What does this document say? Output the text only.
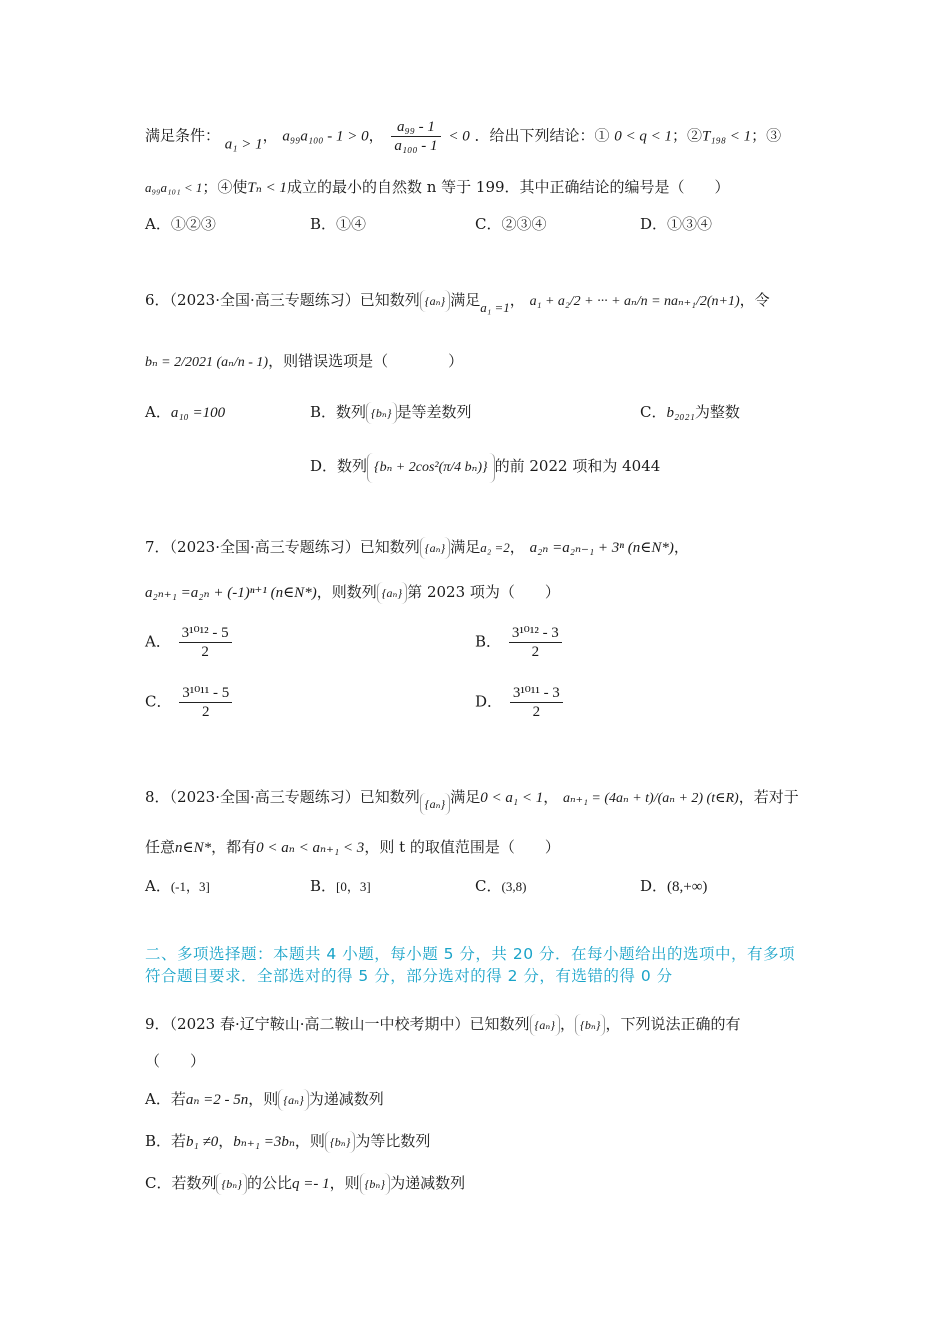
满足条件： a₁ > 1， a₉₉a₁₀₀ - 1 > 0， $\frac{\text{a₉₉ - 1}}{\text{a₁₀₀ - 1}} < 0$ ．给出下列结论：① 0 < q < 1；②T₁₉₈ < 1；③
a₉₉a₁₀₁ < 1；④使Tₙ < 1成立的最小的自然数 n 等于 199．其中正确结论的编号是（　　）
A．①②③	B．①④	C．②③④	D．①③④
6．（2023·全国·高三专题练习）已知数列 {aₙ} 满足a₁ =1， a₁ + a₂/2 + ··· + aₙ/n = naₙ₊₁/2(n+1)，令
bₙ = 2/2021 (aₙ/n - 1)，则错误选项是（　　　　）
A．a₁₀ =100	B．数列 {bₙ} 是等差数列	C．b₂₀₂₁为整数
D．数列 {bₙ + 2cos²(π/4 bₙ)} 的前 2022 项和为 4044
7．（2023·全国·高三专题练习）已知数列 {aₙ} 满足a₂ =2， a₂ₙ =a₂ₙ₋₁ + 3ⁿ (n∈N*)，
a₂ₙ₊₁ =a₂ₙ + (-1)ⁿ⁺¹ (n∈N*)，则数列 {aₙ} 第 2023 项为（　　）
A． $\frac{\text{3¹⁰¹² - 5}}{2}$	B． $\frac{\text{3¹⁰¹² - 3}}{2}$
C． $\frac{\text{3¹⁰¹¹ - 5}}{2}$	D． $\frac{\text{3¹⁰¹¹ - 3}}{2}$
8．（2023·全国·高三专题练习）已知数列 {aₙ} 满足0 < a₁ < 1， aₙ₊₁ = (4aₙ + t)/(aₙ + 2) (t∈R)，若对于
任意n∈N*，都有0 < aₙ < aₙ₊₁ < 3，则 t 的取值范围是（　　）
A．(-1，3]	B．[0，3]	C．(3,8)	D．(8,+∞)
二、多项选择题：本题共 4 小题，每小题 5 分，共 20 分．在每小题给出的选项中，有多项符合题目要求．全部选对的得 5 分，部分选对的得 2 分，有选错的得 0 分
9．（2023 春·辽宁鞍山·高二鞍山一中校考期中）已知数列 {aₙ} ， {bₙ} ，下列说法正确的有
（　　）
A．若aₙ =2 - 5n，则 {aₙ} 为递减数列
B．若b₁ ≠0，bₙ₊₁ =3bₙ，则 {bₙ} 为等比数列
C．若数列 {bₙ} 的公比q =- 1，则 {bₙ} 为递减数列
